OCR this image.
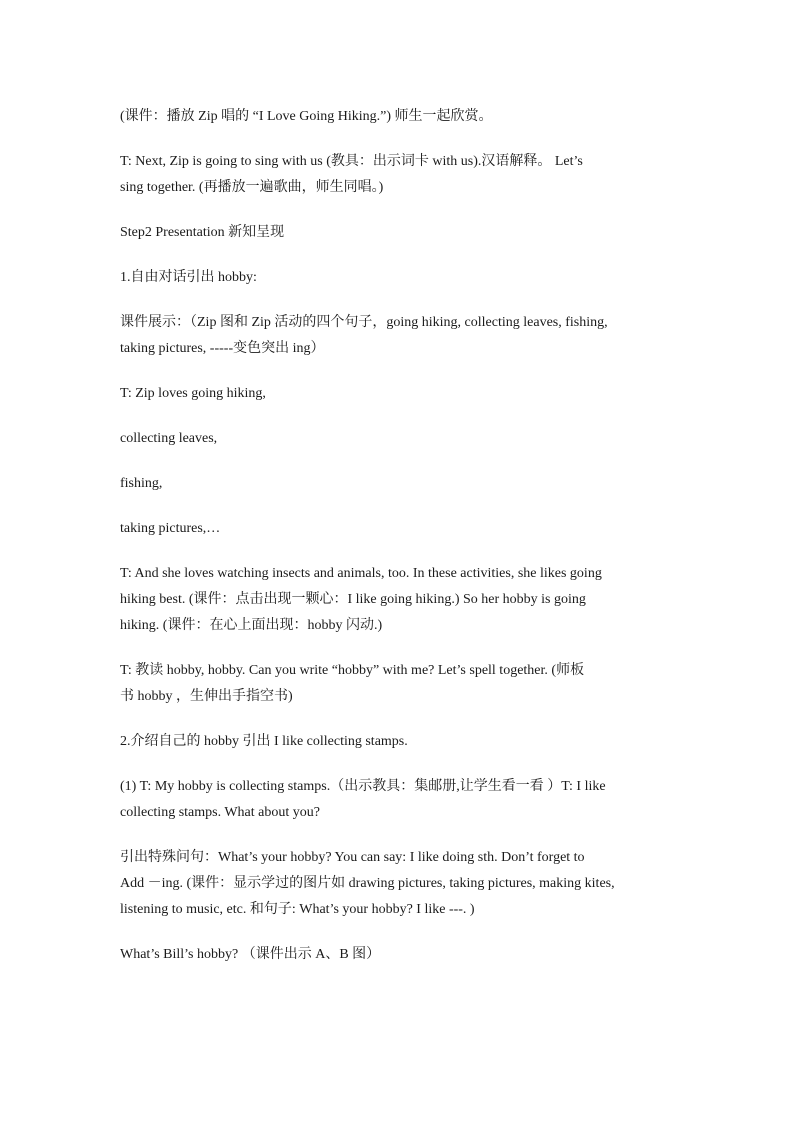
(课件：播放 Zip 唱的 “I Love Going Hiking.”) 师生一起欣赏。

T: Next, Zip is going to sing with us (教具：出示词卡 with us).汉语解释。 Let’s
sing together. (再播放一遍歌曲，师生同唱。)

Step2 Presentation 新知呈现

1.自由对话引出 hobby:

课件展示：（Zip 图和 Zip 活动的四个句子，going hiking, collecting leaves, fishing,
taking pictures, -----变色突出 ing）

T: Zip loves going hiking,

collecting leaves,

fishing,

taking pictures,…

T: And she loves watching insects and animals, too. In these activities, she likes going
hiking best. (课件：点击出现一颗心：I like going hiking.) So her hobby is going
hiking. (课件：在心上面出现：hobby 闪动.)

T: 教读 hobby, hobby. Can you write “hobby” with me? Let’s spell together. (师板
书 hobby ，生伸出手指空书)

2.介绍自己的 hobby 引出 I like collecting stamps.

(1) T: My hobby is collecting stamps.（出示教具：集邮册,让学生看一看 ）T: I like
collecting stamps. What about you?

引出特殊问句：What’s your hobby? You can say: I like doing sth. Don’t forget to
Add －ing. (课件：显示学过的图片如 drawing pictures, taking pictures, making kites,
listening to music, etc. 和句子: What’s your hobby? I like ---. )

What’s Bill’s hobby? （课件出示 A、B 图）
